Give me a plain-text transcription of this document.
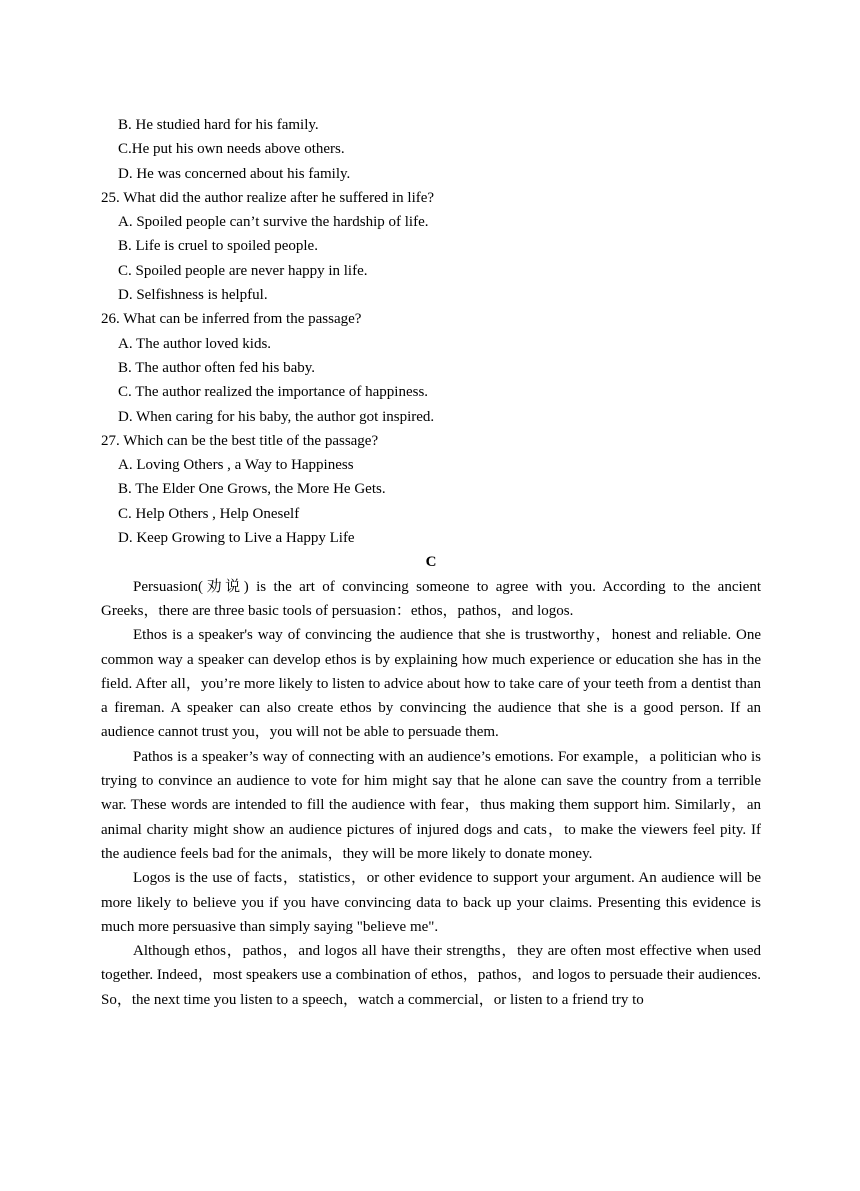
B. He studied hard for his family.
C.He put his own needs above others.
D. He was concerned about his family.
25. What did the author realize after he suffered in life?
A. Spoiled people can’t survive the hardship of life.
B. Life is cruel to spoiled people.
C. Spoiled people are never happy in life.
D. Selfishness is helpful.
26. What can be inferred from the passage?
A. The author loved kids.
B. The author often fed his baby.
C. The author realized the importance of happiness.
D. When caring for his baby, the author got inspired.
27. Which can be the best title of the passage?
A. Loving Others , a Way to Happiness
B. The Elder One Grows, the More He Gets.
C. Help Others , Help Oneself
D. Keep Growing to Live a Happy Life
C

Persuasion(劝说) is the art of convincing someone to agree with you. According to the ancient Greeks，there are three basic tools of persuasion：ethos，pathos，and logos.

Ethos is a speaker's way of convincing the audience that she is trustworthy，honest and reliable. One common way a speaker can develop ethos is by explaining how much experience or education she has in the field. After all，you’re more likely to listen to advice about how to take care of your teeth from a dentist than a fireman. A speaker can also create ethos by convincing the audience that she is a good person. If an audience cannot trust you，you will not be able to persuade them.

Pathos is a speaker’s way of connecting with an audience’s emotions. For example，a politician who is trying to convince an audience to vote for him might say that he alone can save the country from a terrible war. These words are intended to fill the audience with fear，thus making them support him. Similarly，an animal charity might show an audience pictures of injured dogs and cats，to make the viewers feel pity. If the audience feels bad for the animals，they will be more likely to donate money.

Logos is the use of facts，statistics，or other evidence to support your argument. An audience will be more likely to believe you if you have convincing data to back up your claims. Presenting this evidence is much more persuasive than simply saying "believe me".

Although ethos，pathos，and logos all have their strengths，they are often most effective when used together. Indeed，most speakers use a combination of ethos，pathos，and logos to persuade their audiences. So，the next time you listen to a speech，watch a commercial，or listen to a friend try to
